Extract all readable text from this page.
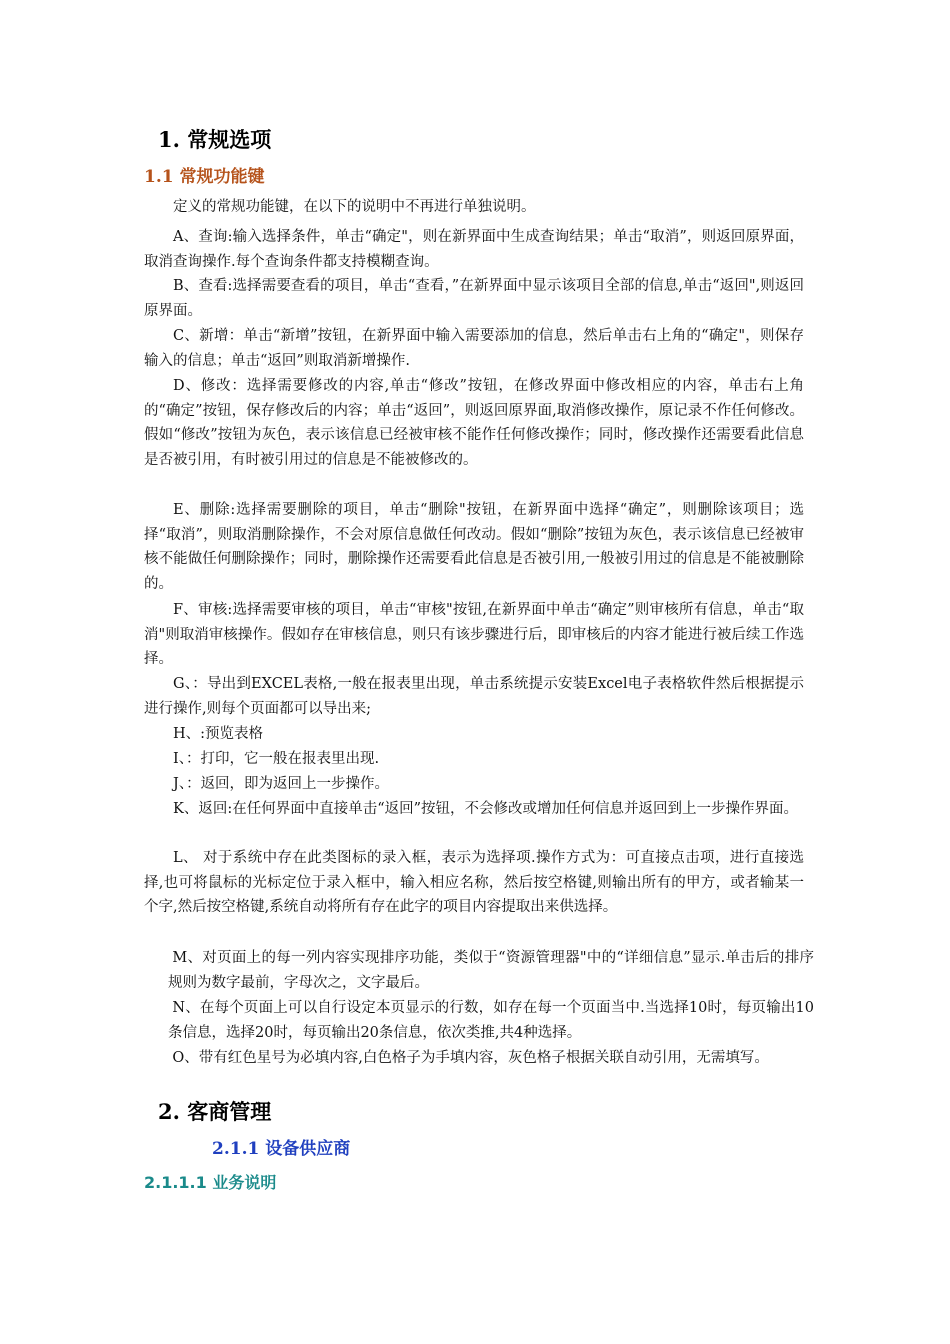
1. 常规选项
1.1 常规功能键
定义的常规功能键，在以下的说明中不再进行单独说明。
A、查询:输入选择条件，单击“确定"，则在新界面中生成查询结果；单击“取消”，则返回原界面，取消查询操作.每个查询条件都支持模糊查询。
B、查看:选择需要查看的项目，单击“查看，”在新界面中显示该项目全部的信息,单击“返回",则返回原界面。
C、新增：单击“新增”按钮，在新界面中输入需要添加的信息，然后单击右上角的“确定"，则保存输入的信息；单击“返回”则取消新增操作.
D、修改：选择需要修改的内容,单击“修改”按钮，在修改界面中修改相应的内容，单击右上角的“确定”按钮，保存修改后的内容；单击“返回”，则返回原界面,取消修改操作，原记录不作任何修改。假如“修改”按钮为灰色，表示该信息已经被审核不能作任何修改操作；同时，修改操作还需要看此信息是否被引用，有时被引用过的信息是不能被修改的。
E、删除:选择需要删除的项目，单击“删除"按钮，在新界面中选择“确定”，则删除该项目；选择“取消”，则取消删除操作，不会对原信息做任何改动。假如“删除”按钮为灰色，表示该信息已经被审核不能做任何删除操作；同时，删除操作还需要看此信息是否被引用,一般被引用过的信息是不能被删除的。
F、审核:选择需要审核的项目，单击“审核"按钮,在新界面中单击“确定”则审核所有信息，单击“取消"则取消审核操作。假如存在审核信息，则只有该步骤进行后，即审核后的内容才能进行被后续工作选择。
G、：导出到EXCEL表格,一般在报表里出现，单击系统提示安装Excel电子表格软件然后根据提示进行操作,则每个页面都可以导出来;
H、:预览表格
I、：打印，它一般在报表里出现.
J、：返回，即为返回上一步操作。
K、返回:在任何界面中直接单击“返回”按钮，不会修改或增加任何信息并返回到上一步操作界面。
L、 对于系统中存在此类图标的录入框，表示为选择项.操作方式为：可直接点击项，进行直接选择,也可将鼠标的光标定位于录入框中，输入相应名称，然后按空格键,则输出所有的甲方，或者输某一个字,然后按空格键,系统自动将所有存在此字的项目内容提取出来供选择。
M、对页面上的每一列内容实现排序功能，类似于“资源管理器"中的“详细信息”显示.单击后的排序规则为数字最前，字母次之，文字最后。
N、在每个页面上可以自行设定本页显示的行数，如存在每一个页面当中.当选择10时，每页输出10条信息，选择20时，每页输出20条信息，依次类推,共4种选择。
O、带有红色星号为必填内容,白色格子为手填内容，灰色格子根据关联自动引用，无需填写。
2. 客商管理
2.1.1 设备供应商
2.1.1.1 业务说明
